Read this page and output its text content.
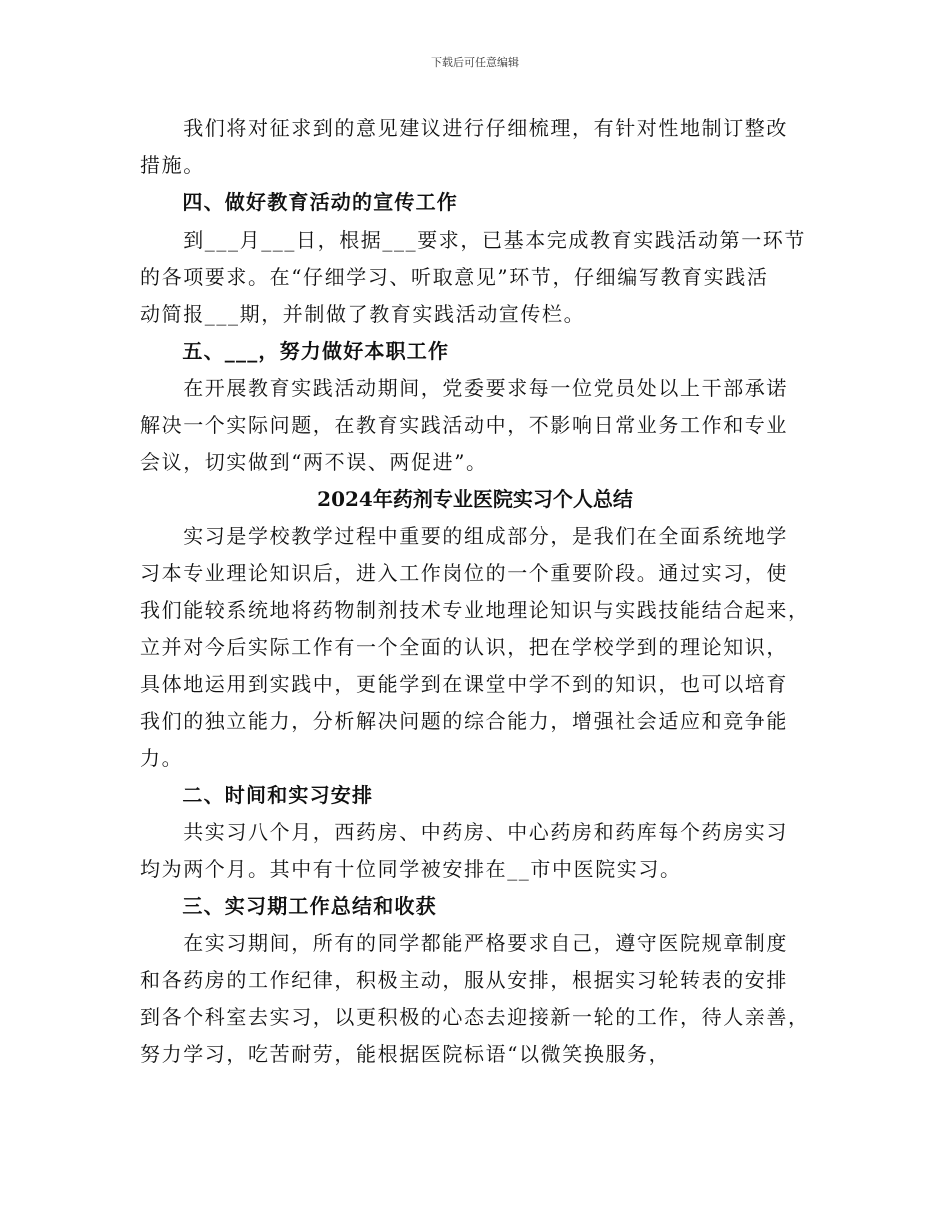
下载后可任意编辑
　　我们将对征求到的意见建议进行仔细梳理，有针对性地制订整改
措施。
　　四、做好教育活动的宣传工作
　　到___月___日，根据___要求，已基本完成教育实践活动第一环节
的各项要求。在“仔细学习、听取意见”环节，仔细编写教育实践活
动简报___期，并制做了教育实践活动宣传栏。
　　五、___，努力做好本职工作
　　在开展教育实践活动期间，党委要求每一位党员处以上干部承诺
解决一个实际问题，在教育实践活动中，不影响日常业务工作和专业
会议，切实做到“两不误、两促进”。
2024年药剂专业医院实习个人总结
　　实习是学校教学过程中重要的组成部分，是我们在全面系统地学
习本专业理论知识后，进入工作岗位的一个重要阶段。通过实习，使
我们能较系统地将药物制剂技术专业地理论知识与实践技能结合起来，
立并对今后实际工作有一个全面的认识，把在学校学到的理论知识，
具体地运用到实践中，更能学到在课堂中学不到的知识，也可以培育
我们的独立能力，分析解决问题的综合能力，增强社会适应和竞争能
力。
　　二、时间和实习安排
　　共实习八个月，西药房、中药房、中心药房和药库每个药房实习
均为两个月。其中有十位同学被安排在__市中医院实习。
　　三、实习期工作总结和收获
　　在实习期间，所有的同学都能严格要求自己，遵守医院规章制度
和各药房的工作纪律，积极主动，服从安排，根据实习轮转表的安排
到各个科室去实习，以更积极的心态去迎接新一轮的工作，待人亲善，
努力学习，吃苦耐劳，能根据医院标语“以微笑换服务，
